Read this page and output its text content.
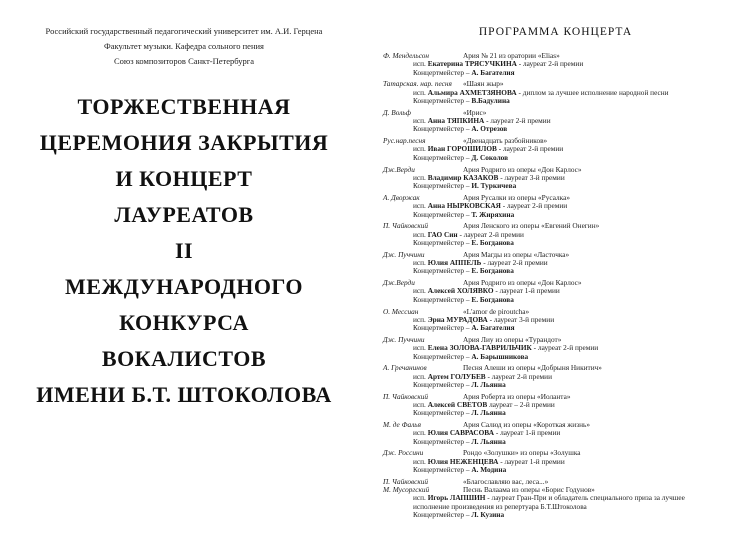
Российский государственный педагогический университет им. А.И. Герцена

Факультет музыки. Кафедра сольного пения

Союз композиторов Санкт-Петербурга

ТОРЖЕСТВЕННАЯ
ЦЕРЕМОНИЯ ЗАКРЫТИЯ
И КОНЦЕРТ
ЛАУРЕАТОВ
II
МЕЖДУНАРОДНОГО
КОНКУРСА
ВОКАЛИСТОВ
ИМЕНИ Б.Т. ШТОКОЛОВА
ПРОГРАММА КОНЦЕРТА
Ф. Мендельсон	Ария № 21 из оратории «Elias»
исп. Екатерина ТРЯСУЧКИНА - лауреат 2-й премии
Концертмейстер – А. Багателия
Татарская. нар. песня «Шаян жыр»
исп. Альмира АХМЕТЗЯНОВА - диплом за лучшее исполнение народной песни
Концертмейстер – В.Бадулина
Д. Вольф	«Ирис»
исп. Анна ТЯПКИНА - лауреат 2-й премии
Концертмейстер – А. Отрезов
Рус.нар.песня	«Двенадцать разбойников»
исп. Иван ГОРОШИЛОВ - лауреат 2-й премии
Концертмейстер – Д. Соколов
Дж.Верди	Ария Родриго из оперы «Дон Карлос»
исп. Владимир КАЗАКОВ - лауреат 3-й премии
Концертмейстер – И. Туркичева
А. Дворжак	Ария Русалки из оперы «Русалка»
исп. Анна НЫРКОВСКАЯ - лауреат 2-й премии
Концертмейстер – Т. Жиряхина
П. Чайковский	Ария Ленского из оперы «Евгений Онегин»
исп. ГАО Син - лауреат 2-й премии
Концертмейстер – Е. Богданова
Дж. Пуччини	Ария Магды из оперы «Ласточка»
исп. Юлия АППЕЛЬ - лауреат 2-й премии
Концертмейстер – Е. Богданова
Дж.Верди	Ария Родриго из оперы «Дон Карлос»
исп. Алексей ХОЛЯВКО - лауреат 1-й премии
Концертмейстер – Е. Богданова
О. Мессиан	«L'amor de piroutcha»
исп. Эрна МУРАДОВА - лауреат 3-й премии
Концертмейстер – А. Багателия
Дж. Пуччини	Ария Лиу из оперы «Турандот»
исп. Елена ЗОЛОВА-ГАВРИЛЬЧИК - лауреат 2-й премии
Концертмейстер – А. Барышникова
А. Гречанинов	Песня Алеши из оперы «Добрыня Никитич»
исп. Артем ГОЛУБЕВ - лауреат 2-й премии
Концертмейстер – Л. Льянна
П. Чайковский	Ария Роберта из оперы «Иоланта»
исп. Алексей СВЕТОВ лауреат – 2-й премии
Концертмейстер – Л. Льянна
М. де Фалья	Ария Салюд из оперы «Короткая жизнь»
исп. Юлия САВРАСОВА - лауреат 1-й премии
Концертмейстер – Л. Льянна
Дж. Россини	Рондо «Золушки» из оперы «Золушка
исп. Юлия НЕЖЕНЦЕВА - лауреат 1-й премии
Концертмейстер – А. Модина
П. Чайковский	«Благославляю вас, леса...»
М. Мусоргский	Песнь Валаама из оперы «Борис Годунов»
исп. Игорь ЛАПШИН - лауреат Гран-При и обладатель специального приза за лучшее исполнение произведения из репертуара Б.Т.Штоколова
Концертмейстер – Л. Кузина
